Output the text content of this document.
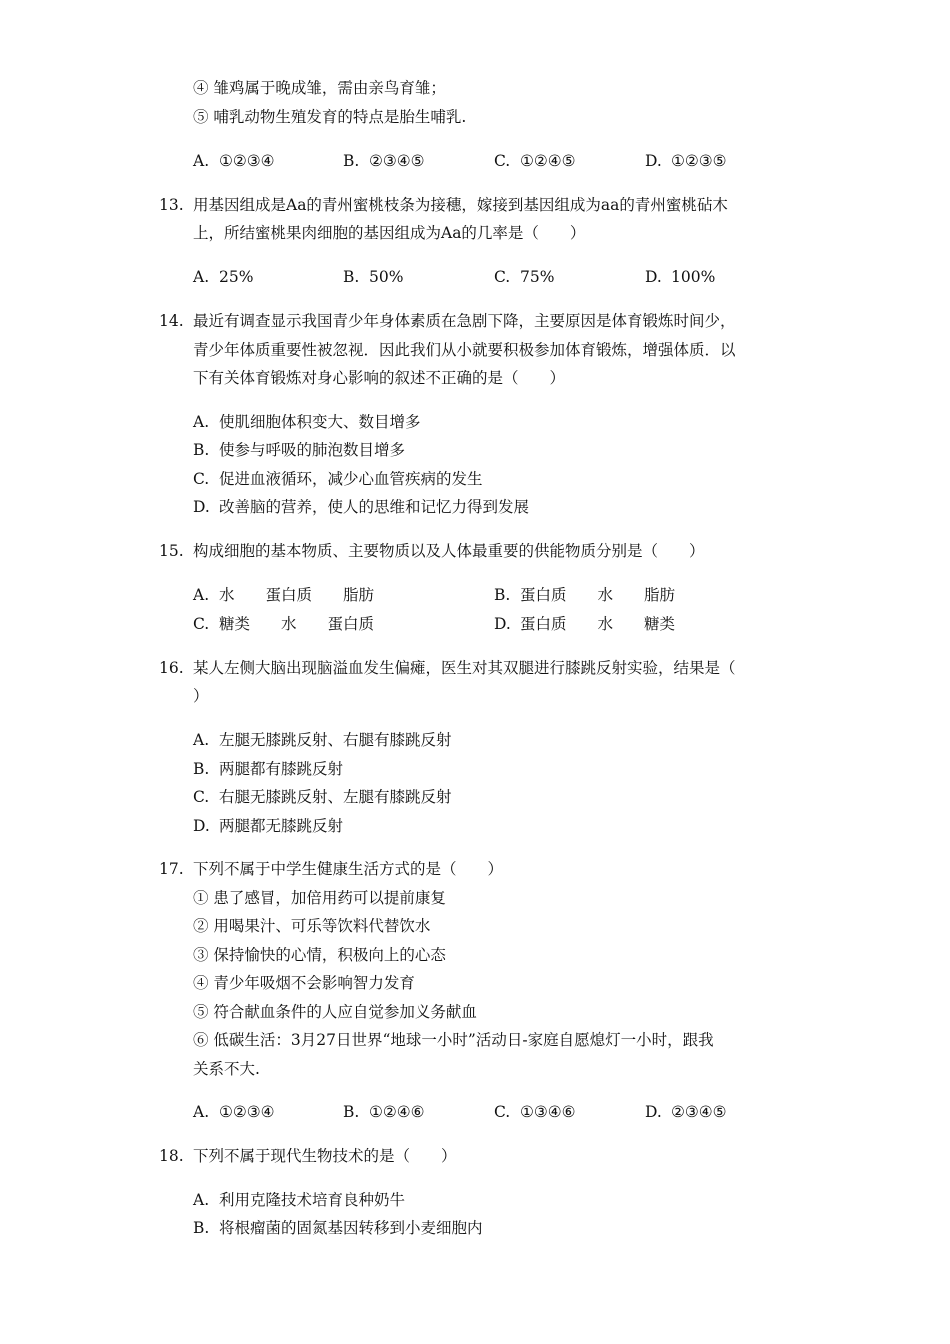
④ 雏鸡属于晚成雏，需由亲鸟育雏；
⑤ 哺乳动物生殖发育的特点是胎生哺乳.
A. ①②③④	B. ②③④⑤	C. ①②④⑤	D. ①②③⑤
13. 用基因组成是Aa的青州蜜桃枝条为接穗，嫁接到基因组成为aa的青州蜜桃砧木
上，所结蜜桃果肉细胞的基因组成为Aa的几率是（　　）
A. 25%	B. 50%	C. 75%	D. 100%
14. 最近有调查显示我国青少年身体素质在急剧下降，主要原因是体育锻炼时间少，
青少年体质重要性被忽视．因此我们从小就要积极参加体育锻炼，增强体质．以
下有关体育锻炼对身心影响的叙述不正确的是（　　）
A. 使肌细胞体积变大、数目增多
B. 使参与呼吸的肺泡数目增多
C. 促进血液循环，减少心血管疾病的发生
D. 改善脑的营养，使人的思维和记忆力得到发展
15. 构成细胞的基本物质、主要物质以及人体最重要的供能物质分别是（　　）
A. 水　　蛋白质　　脂肪	B. 蛋白质　　水　　脂肪
C. 糖类　　水　　蛋白质	D. 蛋白质　　水　　糖类
16. 某人左侧大脑出现脑溢血发生偏瘫，医生对其双腿进行膝跳反射实验，结果是（
）
A. 左腿无膝跳反射、右腿有膝跳反射
B. 两腿都有膝跳反射
C. 右腿无膝跳反射、左腿有膝跳反射
D. 两腿都无膝跳反射
17. 下列不属于中学生健康生活方式的是（　　）
① 患了感冒，加倍用药可以提前康复
② 用喝果汁、可乐等饮料代替饮水
③ 保持愉快的心情，积极向上的心态
④ 青少年吸烟不会影响智力发育
⑤ 符合献血条件的人应自觉参加义务献血
⑥ 低碳生活：3月27日世界“地球一小时”活动日-家庭自愿熄灯一小时，跟我
关系不大.
A. ①②③④	B. ①②④⑥	C. ①③④⑥	D. ②③④⑤
18. 下列不属于现代生物技术的是（　　）
A. 利用克隆技术培育良种奶牛
B. 将根瘤菌的固氮基因转移到小麦细胞内
